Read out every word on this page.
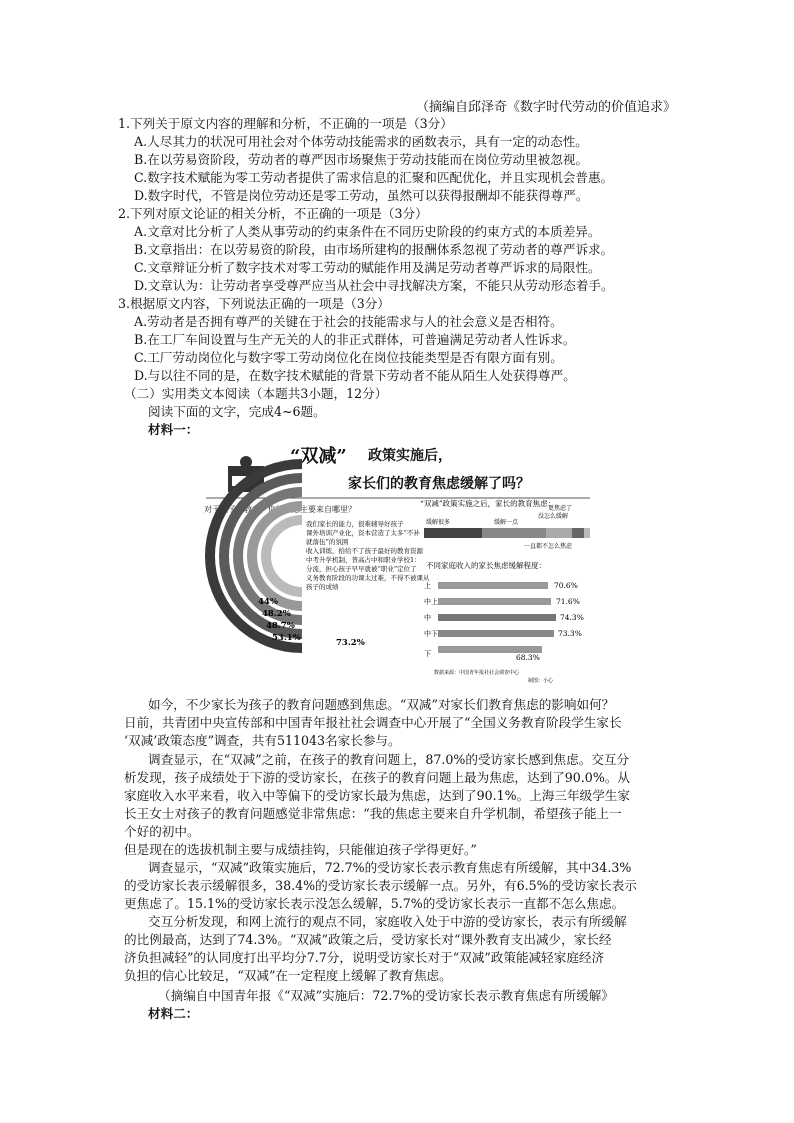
（摘编自邱泽奇《数字时代劳动的价值追求》
1.下列关于原文内容的理解和分析，不正确的一项是（3分）
A.人尽其力的状况可用社会对个体劳动技能需求的函数表示，具有一定的动态性。
B.在以劳易资阶段，劳动者的尊严因市场聚焦于劳动技能而在岗位劳动里被忽视。
C.数字技术赋能为零工劳动者提供了需求信息的汇聚和匹配优化，并且实现机会普惠。
D.数字时代，不管是岗位劳动还是零工劳动，虽然可以获得报酬却不能获得尊严。
2.下列对原文论证的相关分析，不正确的一项是（3分）
A.文章对比分析了人类从事劳动的约束条件在不同历史阶段的约束方式的本质差异。
B.文章指出：在以劳易资的阶段，由市场所建构的报酬体系忽视了劳动者的尊严诉求。
C.文章辩证分析了数字技术对零工劳动的赋能作用及满足劳动者尊严诉求的局限性。
D.文章认为：让劳动者享受尊严应当从社会中寻找解决方案，不能只从劳动形态着手。
3.根据原文内容，下列说法正确的一项是（3分）
A.劳动者是否拥有尊严的关键在于社会的技能需求与人的社会意义是否相符。
B.在工厂车间设置与生产无关的人的非正式群体，可普遍满足劳动者人性诉求。
C.工厂劳动岗位化与数字零工劳动岗位化在岗位技能类型是否有限方面有别。
D.与以往不同的是，在数字技术赋能的背景下劳动者不能从陌生人处获得尊严。
（二）实用类文本阅读（本题共3小题，12分）
阅读下面的文字，完成4~6题。
材料一：
“双减” 政策实施后，
家长们的教育焦虑缓解了吗？
对于孩子的教育，你的焦虑主要来自哪里？
我们家长的能力，很难辅导好孩子
课外培训产业化，资本营造了太多“不补
就落伍”的氛围
收入训练，拾给不了孩子最好的教育资源
中考升学机制，普高占中和职业学校1：
分流，担心孩子早早就被“职业”定位了
义务教育阶段的功课太过难，不得不被课从
孩子的成绩
44%
48.2%
48.7%
53.1%	73.2%
“双减”政策实施之后，家长的教育焦虑：
缓解很多	缓解一点
没怎么缓解
更焦虑了
一直都不怎么焦虑
不同家庭收入的家长焦虑缓解程度：
上	70.6%
中上	71.6%
中	74.3%
中下	73.3%
下	68.3%
数据来源：中国青年报社社会调查中心
制图：小心
如今，不少家长为孩子的教育问题感到焦虑。“双减”对家长们教育焦虑的影响如何？
日前，共青团中央宣传部和中国青年报社社会调查中心开展了“全国义务教育阶段学生家长
‘双减’政策态度”调查，共有511043名家长参与。
调查显示，在“双减”之前，在孩子的教育问题上，87.0%的受访家长感到焦虑。交互分
析发现，孩子成绩处于下游的受访家长，在孩子的教育问题上最为焦虑，达到了90.0%。从
家庭收入水平来看，收入中等偏下的受访家长最为焦虑，达到了90.1%。上海三年级学生家
长王女士对孩子的教育问题感觉非常焦虑：“我的焦虑主要来自升学机制，希望孩子能上一
个好的初中。
但是现在的选拔机制主要与成绩挂钩，只能催迫孩子学得更好。”
调查显示，“双减”政策实施后，72.7%的受访家长表示教育焦虑有所缓解，其中34.3%
的受访家长表示缓解很多，38.4%的受访家长表示缓解一点。另外，有6.5%的受访家长表示
更焦虑了。15.1%的受访家长表示没怎么缓解，5.7%的受访家长表示一直都不怎么焦虑。
交互分析发现，和网上流行的观点不同，家庭收入处于中游的受访家长，表示有所缓解
的比例最高，达到了74.3%。“双减”政策之后，受访家长对“课外教育支出减少，家长经
济负担减轻”的认同度打出平均分7.7分，说明受访家长对于“双减”政策能减轻家庭经济
负担的信心比较足，“双减”在一定程度上缓解了教育焦虑。
（摘编自中国青年报《“双减”实施后：72.7%的受访家长表示教育焦虑有所缓解》
材料二：
